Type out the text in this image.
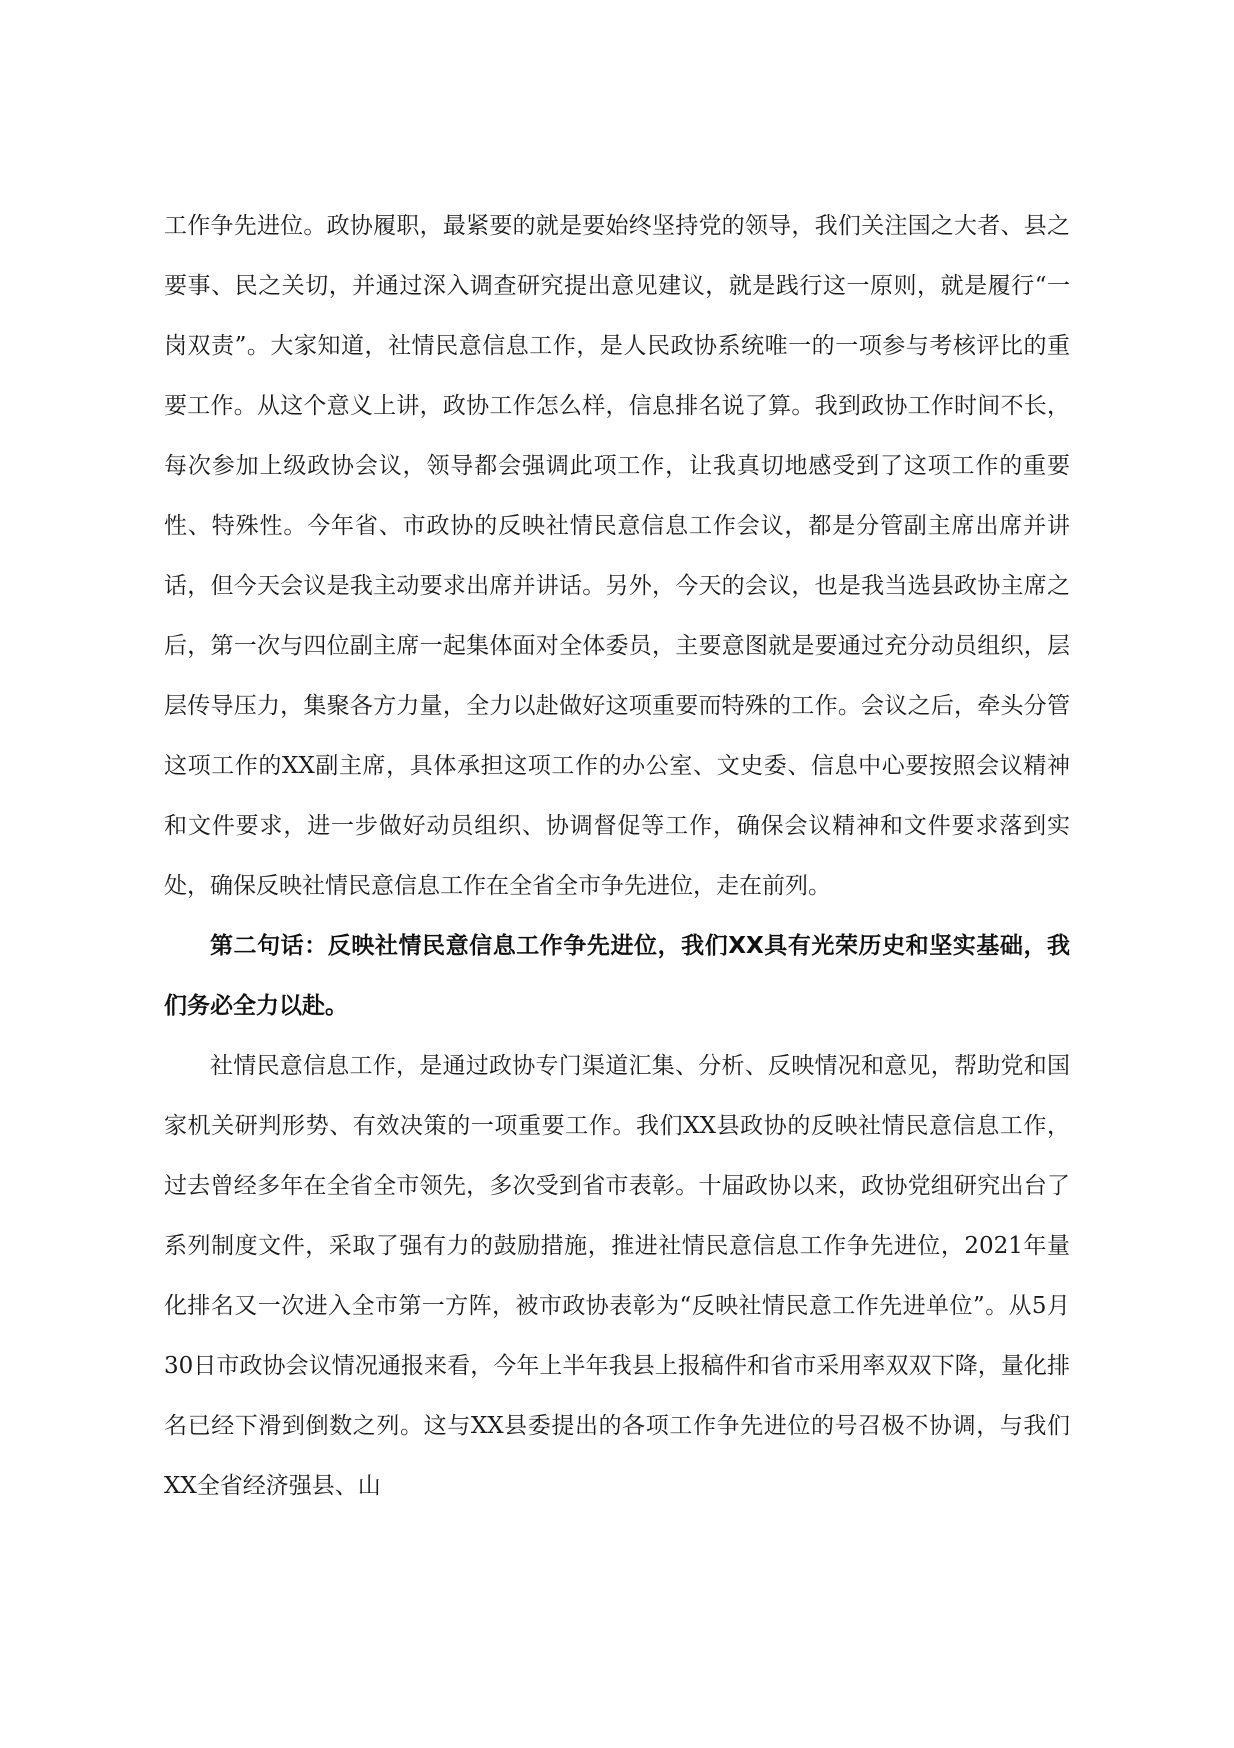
工作争先进位。政协履职，最紧要的就是要始终坚持党的领导，我们关注国之大者、县之要事、民之关切，并通过深入调查研究提出意见建议，就是践行这一原则，就是履行“一岗双责”。大家知道，社情民意信息工作，是人民政协系统唯一的一项参与考核评比的重要工作。从这个意义上讲，政协工作怎么样，信息排名说了算。我到政协工作时间不长，每次参加上级政协会议，领导都会强调此项工作，让我真切地感受到了这项工作的重要性、特殊性。今年省、市政协的反映社情民意信息工作会议，都是分管副主席出席并讲话，但今天会议是我主动要求出席并讲话。另外，今天的会议，也是我当选县政协主席之后，第一次与四位副主席一起集体面对全体委员，主要意图就是要通过充分动员组织，层层传导压力，集聚各方力量，全力以赴做好这项重要而特殊的工作。会议之后，牵头分管这项工作的XX副主席，具体承担这项工作的办公室、文史委、信息中心要按照会议精神和文件要求，进一步做好动员组织、协调督促等工作，确保会议精神和文件要求落到实处，确保反映社情民意信息工作在全省全市争先进位，走在前列。

第二句话：反映社情民意信息工作争先进位，我们XX具有光荣历史和坚实基础，我们务必全力以赴。

社情民意信息工作，是通过政协专门渠道汇集、分析、反映情况和意见，帮助党和国家机关研判形势、有效决策的一项重要工作。我们XX县政协的反映社情民意信息工作，过去曾经多年在全省全市领先，多次受到省市表彰。十届政协以来，政协党组研究出台了系列制度文件，采取了强有力的鼓励措施，推进社情民意信息工作争先进位，2021年量化排名又一次进入全市第一方阵，被市政协表彰为“反映社情民意工作先进单位”。从5月30日市政协会议情况通报来看，今年上半年我县上报稿件和省市采用率双双下降，量化排名已经下滑到倒数之列。这与XX县委提出的各项工作争先进位的号召极不协调，与我们XX全省经济强县、山
